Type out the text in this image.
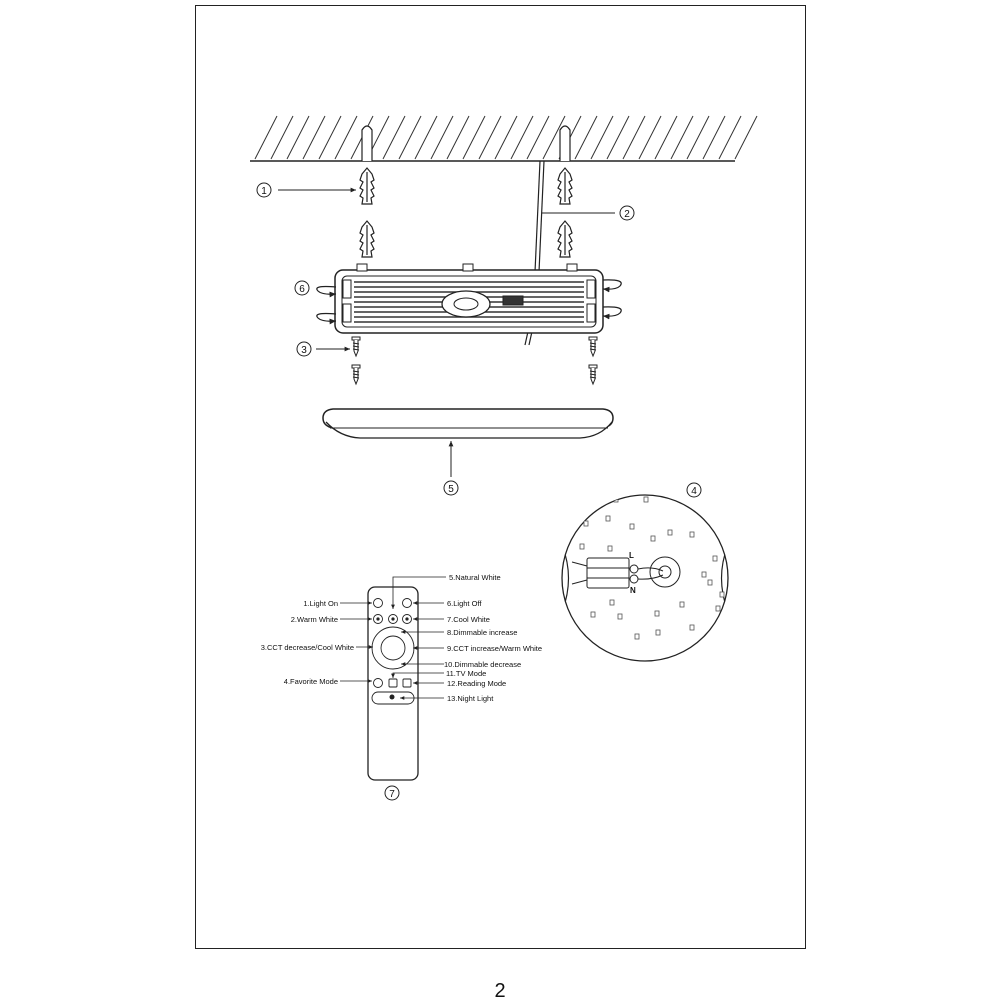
1
2
3
6
5	4
7
L
N
5.Natural White
1.Light On	6.Light Off
2.Warm White	7.Cool White
8.Dimmable increase
3.CCT decrease/Cool White	9.CCT increase/Warm White
10.Dimmable decrease
11.TV Mode
4.Favorite Mode	12.Reading Mode
13.Night Light
2
